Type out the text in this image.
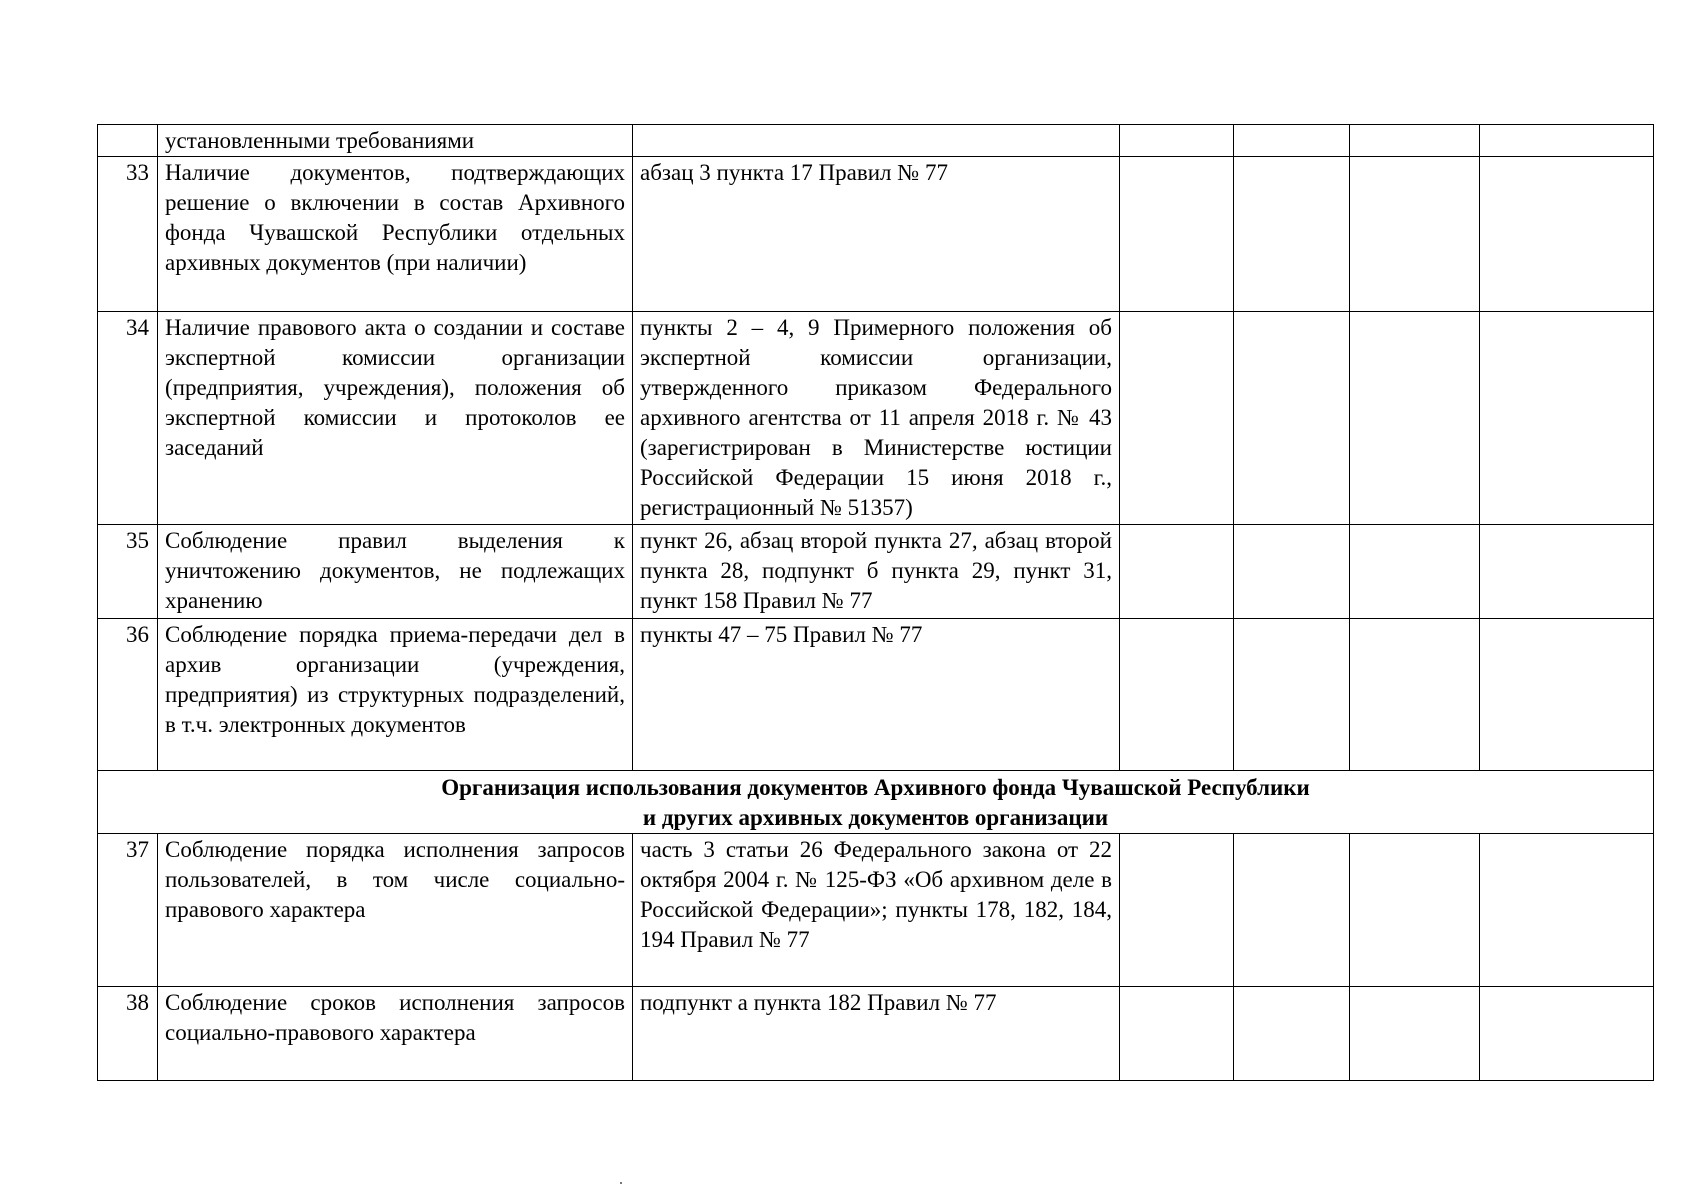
	установленными требованиями					
33	Наличие документов, подтверждающих решение о включении в состав Архивного фонда Чувашской Республики отдельных архивных документов (при наличии)	абзац 3 пункта 17 Правил № 77				
34	Наличие правового акта о создании и составе экспертной комиссии организации (предприятия, учреждения), положения об экспертной комиссии и протоколов ее заседаний	пункты 2 – 4, 9 Примерного положения об экспертной комиссии организации, утвержденного приказом Федерального архивного агентства от 11 апреля 2018 г. № 43 (зарегистрирован в Министерстве юстиции Российской Федерации 15 июня 2018 г., регистрационный № 51357)				
35	Соблюдение правил выделения к уничтожению документов, не подлежащих хранению	пункт 26, абзац второй пункта 27, абзац второй пункта 28, подпункт б пункта 29, пункт 31, пункт 158 Правил № 77				
36	Соблюдение порядка приема-передачи дел в архив организации (учреждения, предприятия) из структурных подразделений, в т.ч. электронных документов	пункты 47 – 75 Правил № 77				

Организация использования документов Архивного фонда Чувашской Республики
и других архивных документов организации						

37	Соблюдение порядка исполнения запросов пользователей, в том числе социально-правового характера	часть 3 статьи 26 Федерального закона от 22 октября 2004 г. № 125-ФЗ «Об архивном деле в Российской Федерации»; пункты 178, 182, 184, 194 Правил № 77				
38	Соблюдение сроков исполнения запросов социально-правового характера	подпункт а пункта 182 Правил № 77				
